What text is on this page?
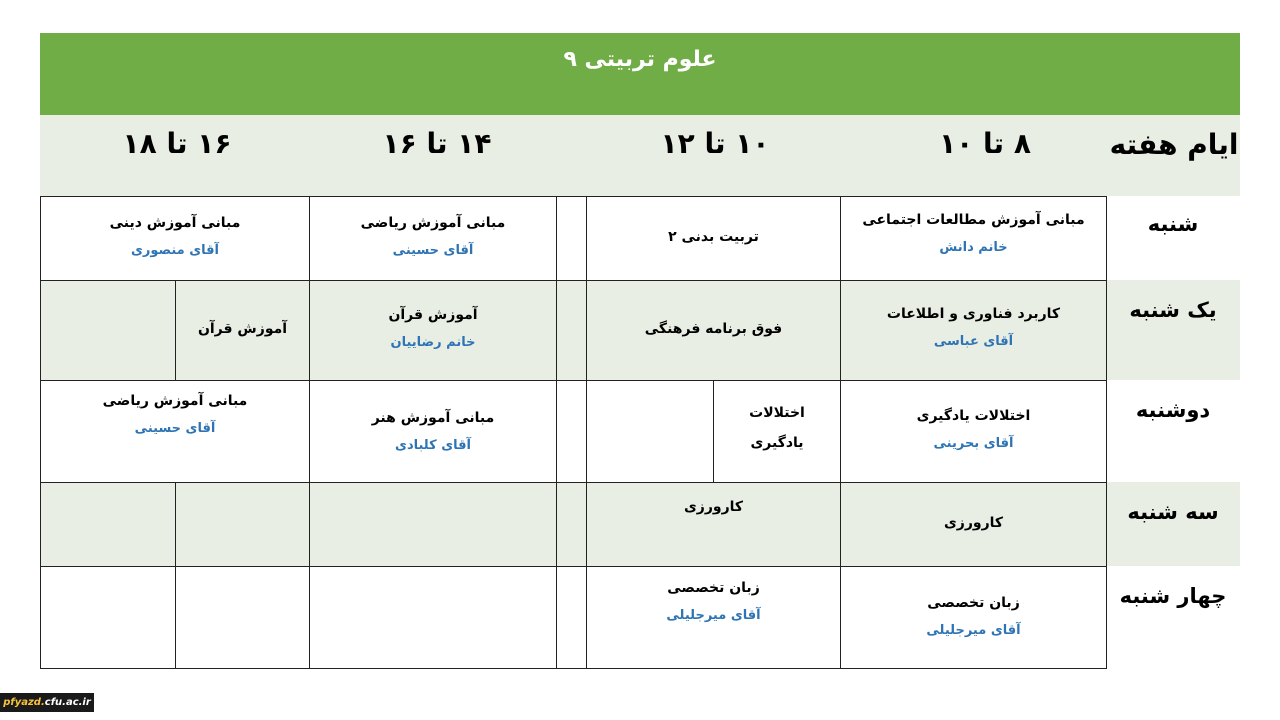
علوم تربیتی ۹
ایام هفته
۸ تا ۱۰
۱۰ تا ۱۲
۱۴ تا ۱۶
۱۶ تا ۱۸
شنبه
یک شنبه
دوشنبه
سه شنبه
چهار شنبه
مبانی آموزش مطالعات اجتماعی
خانم دانش
تربیت بدنی ۲
مبانی آموزش ریاضی
آقای حسینی
مبانی آموزش دینی
آقای منصوری
کاربرد فناوری و اطلاعات
آقای عباسی
فوق برنامه فرهنگی
آموزش قرآن
خانم رضاییان
آموزش قرآن
اختلالات یادگیری
آقای بحرینی
اختلالات
یادگیری
مبانی آموزش هنر
آقای کلبادی
مبانی آموزش ریاضی
آقای حسینی
کارورزی
کارورزی
زبان تخصصی
آقای میرجلیلی
زبان تخصصی
آقای میرجلیلی
pfyazd.cfu.ac.ir
